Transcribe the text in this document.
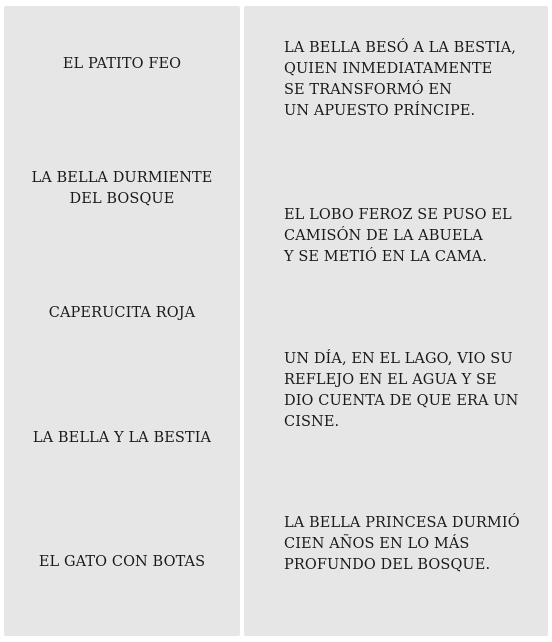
EL PATITO FEO
LA BELLA DURMIENTE
DEL BOSQUE
CAPERUCITA ROJA
LA BELLA Y LA BESTIA
EL GATO CON BOTAS
LA BELLA BESÓ A LA BESTIA,
QUIEN INMEDIATAMENTE
SE TRANSFORMÓ EN
UN APUESTO PRÍNCIPE.
EL LOBO FEROZ SE PUSO EL
CAMISÓN DE LA ABUELA
Y SE METIÓ EN LA CAMA.
UN DÍA, EN EL LAGO, VIO SU
REFLEJO EN EL AGUA Y SE
DIO CUENTA DE QUE ERA UN
CISNE.
LA BELLA PRINCESA DURMIÓ
CIEN AÑOS EN LO MÁS
PROFUNDO DEL BOSQUE.
